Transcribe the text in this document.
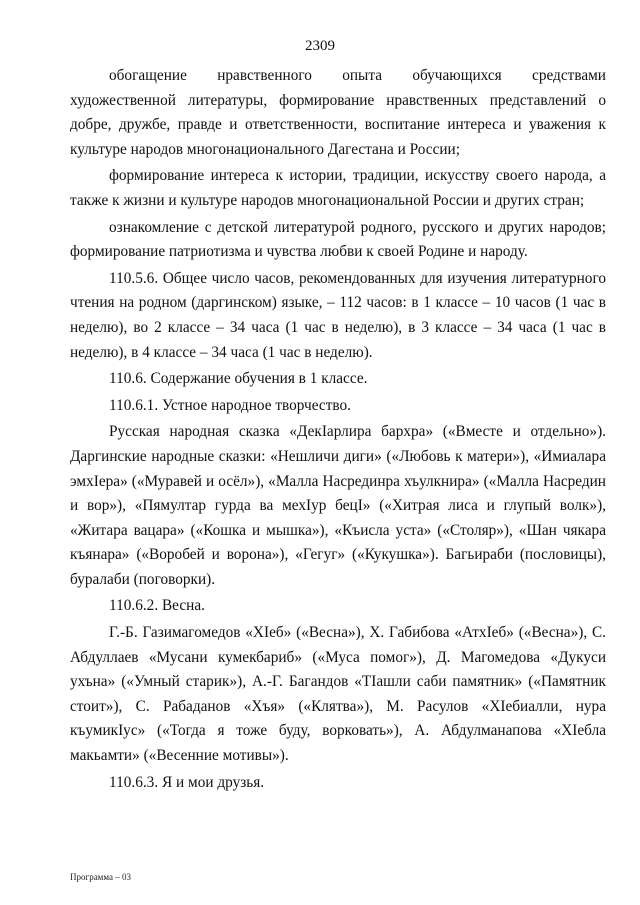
2309

обогащение нравственного опыта обучающихся средствами художественной литературы, формирование нравственных представлений о добре, дружбе, правде и ответственности, воспитание интереса и уважения к культуре народов многонационального Дагестана и России;

формирование интереса к истории, традиции, искусству своего народа, а также к жизни и культуре народов многонациональной России и других стран;

ознакомление с детской литературой родного, русского и других народов; формирование патриотизма и чувства любви к своей Родине и народу.

110.5.6. Общее число часов, рекомендованных для изучения литературного чтения на родном (даргинском) языке, – 112 часов: в 1 классе – 10 часов (1 час в неделю), во 2 классе – 34 часа (1 час в неделю), в 3 классе – 34 часа (1 час в неделю), в 4 классе – 34 часа (1 час в неделю).

110.6. Содержание обучения в 1 классе.

110.6.1. Устное народное творчество.

Русская народная сказка «ДекIарлира бархра» («Вместе и отдельно»). Даргинские народные сказки: «Нешличи диги» («Любовь к матери»), «Имиалара эмхIера» («Муравей и осёл»), «Малла Насрединра хъулкнира» («Малла Насредин и вор»), «Пямултар гурда ва мехIур бецI» («Хитрая лиса и глупый волк»), «Житара вацара» («Кошка и мышка»), «Къисла уста» («Столяр»), «Шан чякара къянара» («Воробей и ворона»), «Гегуг» («Кукушка»). Багьираби (пословицы), буралаби (поговорки).

110.6.2. Весна.

Г.-Б. Газимагомедов «ХIеб» («Весна»), Х. Габибова «АтхIеб» («Весна»), С. Абдуллаев «Мусани кумекбариб» («Муса помог»), Д. Магомедова «Дукуси ухъна» («Умный старик»), А.-Г. Багандов «ТIашли саби памятник» («Памятник стоит»), С. Рабаданов «Хъя» («Клятва»), М. Расулов «ХIебиалли, нура къумикIус» («Тогда я тоже буду, ворковать»), А. Абдулманапова «ХIебла макьамти» («Весенние мотивы»).

110.6.3. Я и мои друзья.

Программа – 03
